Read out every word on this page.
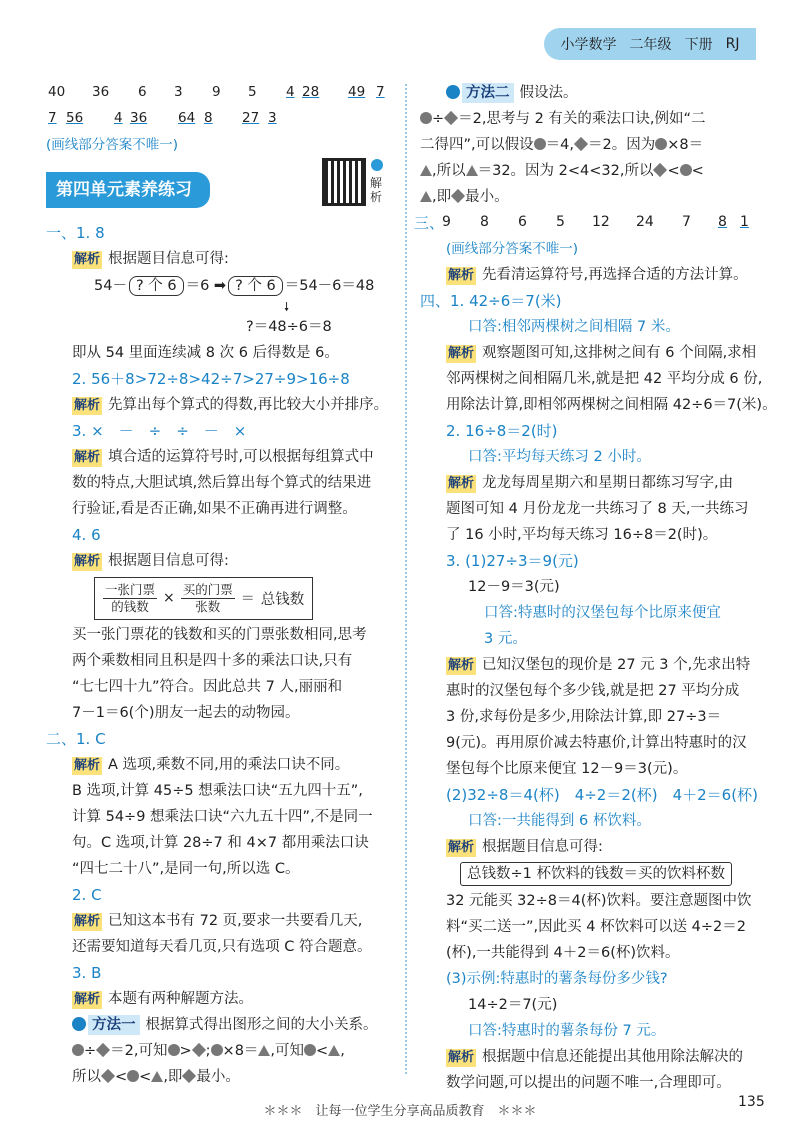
小学数学 二年级 下册 RJ
40 36 6 3 9 5 4 28 49 7
7 56 4 36 64 8 27 3
(画线部分答案不唯一)
第四单元素养练习	解析
一、1. 8
解析 根据题目信息可得:
54－ ? 个 6 ＝6 ➡ ? 个 6 ＝54－6＝48
🠗
?＝48÷6＝8
即从 54 里面连续减 8 次 6 后得数是 6。
2. 56＋8>72÷8>42÷7>27÷9>16÷8
解析 先算出每个算式的得数,再比较大小并排序。
3. ×　－　÷　÷　－　×
解析 填合适的运算符号时,可以根据每组算式中
数的特点,大胆试填,然后算出每个算式的结果进
行验证,看是否正确,如果不正确再进行调整。
4. 6
解析 根据题目信息可得:
$\frac{\text{一张门票}}{\text{的钱数}} \times \frac{\text{买的门票}}{\text{张数}}$ ＝ 总钱数
买一张门票花的钱数和买的门票张数相同,思考
两个乘数相同且积是四十多的乘法口诀,只有
“七七四十九”符合。因此总共 7 人,丽丽和
7－1＝6(个)朋友一起去的动物园。
二、1. C
解析 A 选项,乘数不同,用的乘法口诀不同。
B 选项,计算 45÷5 想乘法口诀“五九四十五”,
计算 54÷9 想乘法口诀“六九五十四”,不是同一
句。C 选项,计算 28÷7 和 4×7 都用乘法口诀
“四七二十八”,是同一句,所以选 C。
2. C
解析 已知这本书有 72 页,要求一共要看几天,
还需要知道每天看几页,只有选项 C 符合题意。
3. B
解析 本题有两种解题方法。
方法一 根据算式得出图形之间的大小关系。
÷ ＝2,可知 > ; ×8＝ ,可知 < ,
所以 < < ,即 最小。
方法二 假设法。
÷ ＝2,思考与 2 有关的乘法口诀,例如“二
二得四”,可以假设 ＝4, ＝2。因为 ×8＝
,所以 ＝32。因为 2<4<32,所以 < <
,即 最小。
三、
9 8 6 5 12 24 7 8 1
(画线部分答案不唯一)
解析 先看清运算符号,再选择合适的方法计算。
四、1. 42÷6＝7(米)
口答:相邻两棵树之间相隔 7 米。
解析 观察题图可知,这排树之间有 6 个间隔,求相
邻两棵树之间相隔几米,就是把 42 平均分成 6 份,
用除法计算,即相邻两棵树之间相隔 42÷6＝7(米)。
2. 16÷8＝2(时)
口答:平均每天练习 2 小时。
解析 龙龙每周星期六和星期日都练习写字,由
题图可知 4 月份龙龙一共练习了 8 天,一共练习
了 16 小时,平均每天练习 16÷8＝2(时)。
3. (1)27÷3＝9(元)
12－9＝3(元)
口答:特惠时的汉堡包每个比原来便宜
3 元。
解析 已知汉堡包的现价是 27 元 3 个,先求出特
惠时的汉堡包每个多少钱,就是把 27 平均分成
3 份,求每份是多少,用除法计算,即 27÷3＝
9(元)。再用原价减去特惠价,计算出特惠时的汉
堡包每个比原来便宜 12－9＝3(元)。
(2)32÷8＝4(杯)　4÷2＝2(杯)　4＋2＝6(杯)
口答:一共能得到 6 杯饮料。
解析 根据题目信息可得:
总钱数÷1 杯饮料的钱数＝买的饮料杯数
32 元能买 32÷8＝4(杯)饮料。要注意题图中饮
料“买二送一”,因此买 4 杯饮料可以送 4÷2＝2
(杯),一共能得到 4＋2＝6(杯)饮料。
(3)示例:特惠时的薯条每份多少钱?
14÷2＝7(元)
口答:特惠时的薯条每份 7 元。
解析 根据题中信息还能提出其他用除法解决的
数学问题,可以提出的问题不唯一,合理即可。
＊＊＊　让每一位学生分享高品质教育　＊＊＊
135
